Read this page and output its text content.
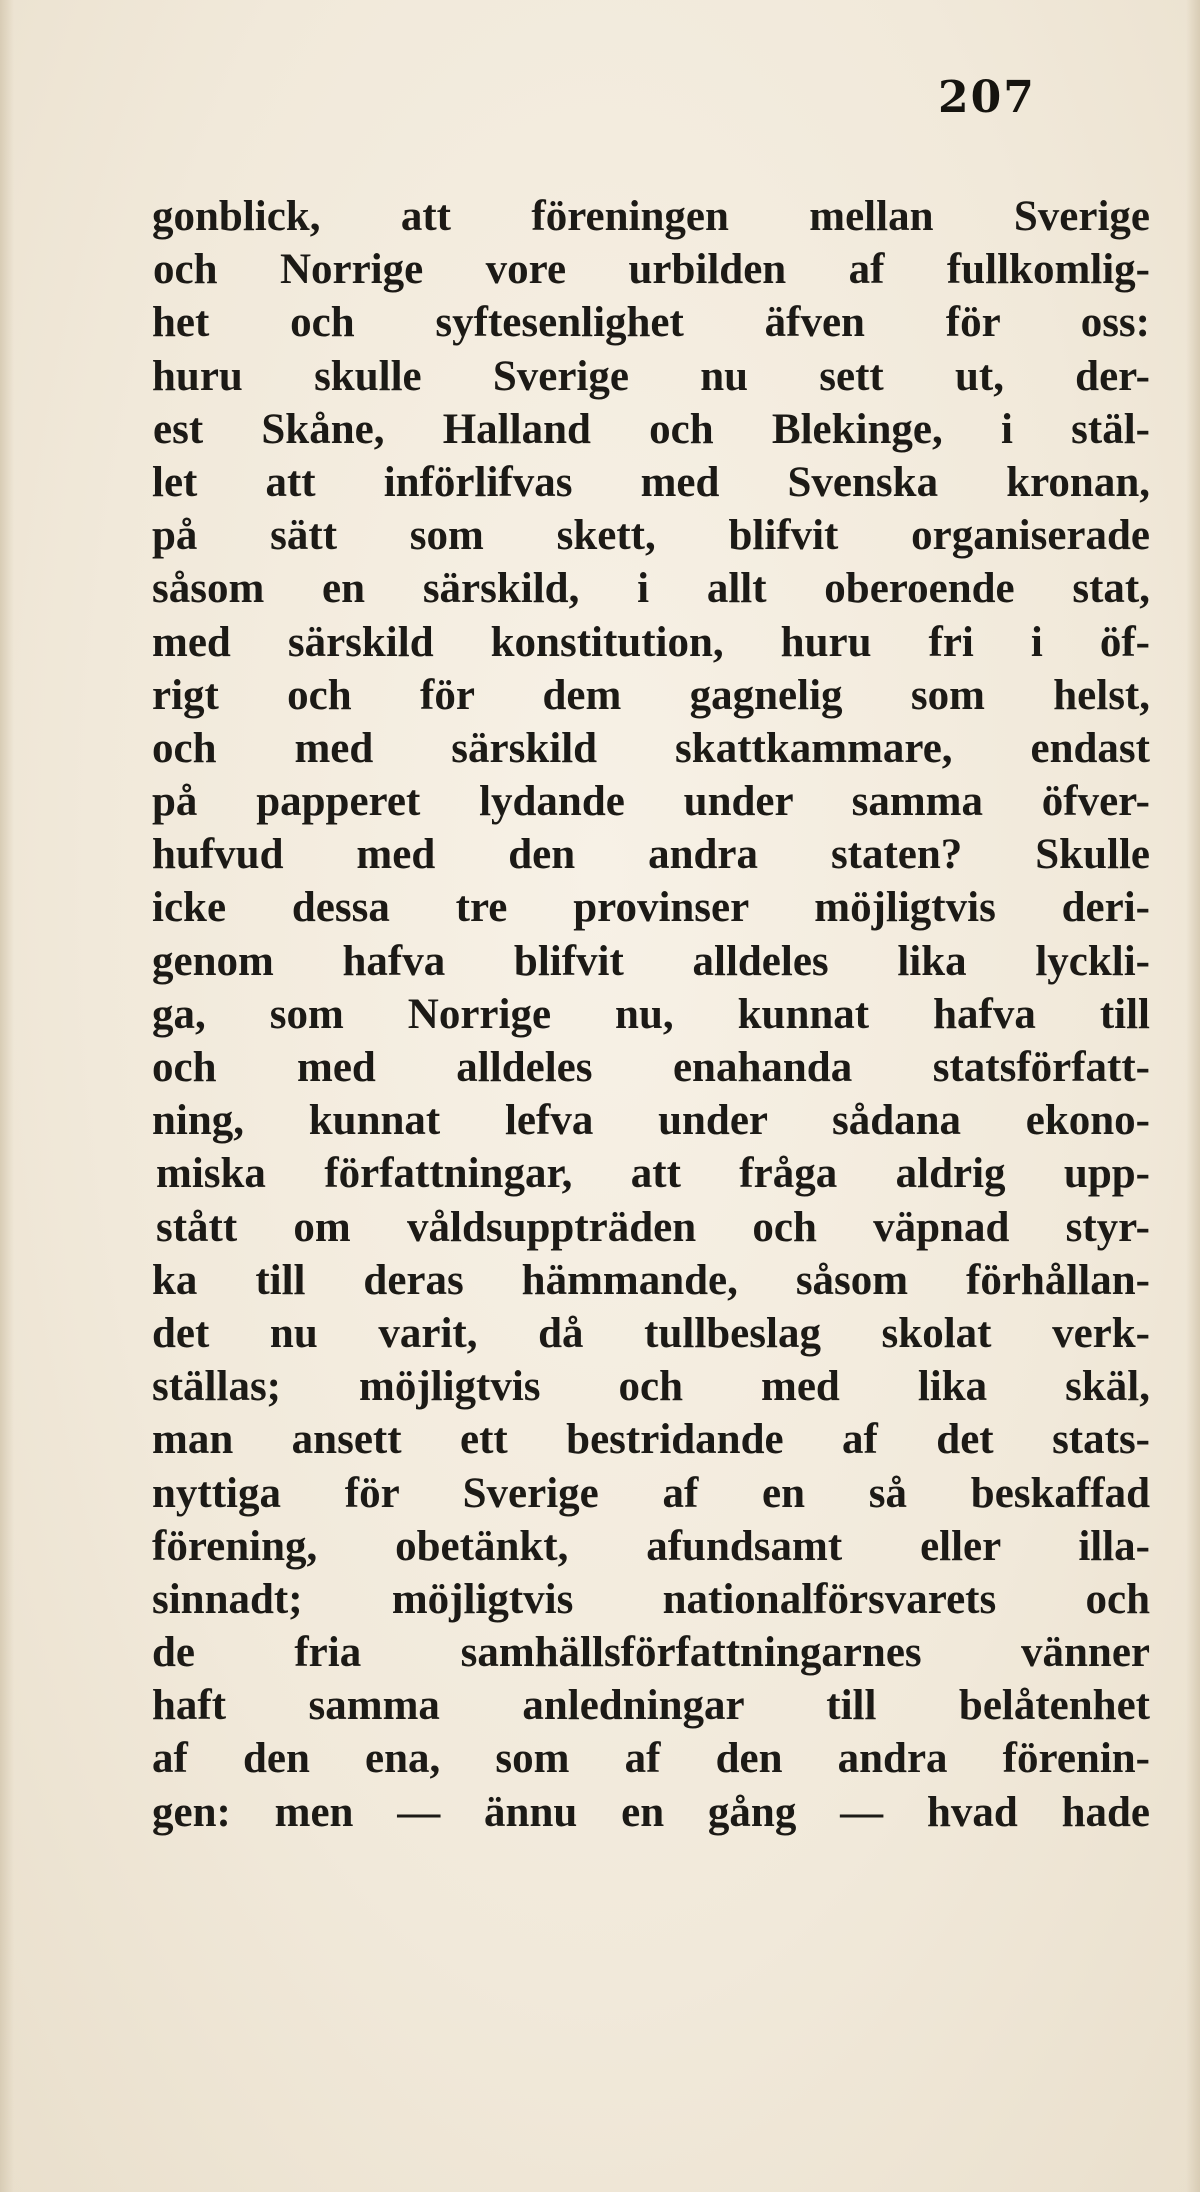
207
gonblick, att föreningen mellan Sverige
och Norrige vore urbilden af fullkomlig-
het och syftesenlighet äfven för oss:
huru skulle Sverige nu sett ut, der-
est Skåne, Halland och Blekinge, i stäl-
let att införlifvas med Svenska kronan,
på sätt som skett, blifvit organiserade
såsom en särskild, i allt oberoende stat,
med särskild konstitution, huru fri i öf-
rigt och för dem gagnelig som helst,
och med särskild skattkammare, endast
på papperet lydande under samma öfver-
hufvud med den andra staten? Skulle
icke dessa tre provinser möjligtvis deri-
genom hafva blifvit alldeles lika lyckli-
ga, som Norrige nu, kunnat hafva till
och med alldeles enahanda statsförfatt-
ning, kunnat lefva under sådana ekono-
miska författningar, att fråga aldrig upp-
stått om våldsuppträden och väpnad styr-
ka till deras hämmande, såsom förhållan-
det nu varit, då tullbeslag skolat verk-
ställas; möjligtvis och med lika skäl,
man ansett ett bestridande af det stats-
nyttiga för Sverige af en så beskaffad
förening, obetänkt, afundsamt eller illa-
sinnadt; möjligtvis nationalförsvarets och
de fria samhällsförfattningarnes vänner
haft samma anledningar till belåtenhet
af den ena, som af den andra förenin-
gen: men — ännu en gång — hvad hade
